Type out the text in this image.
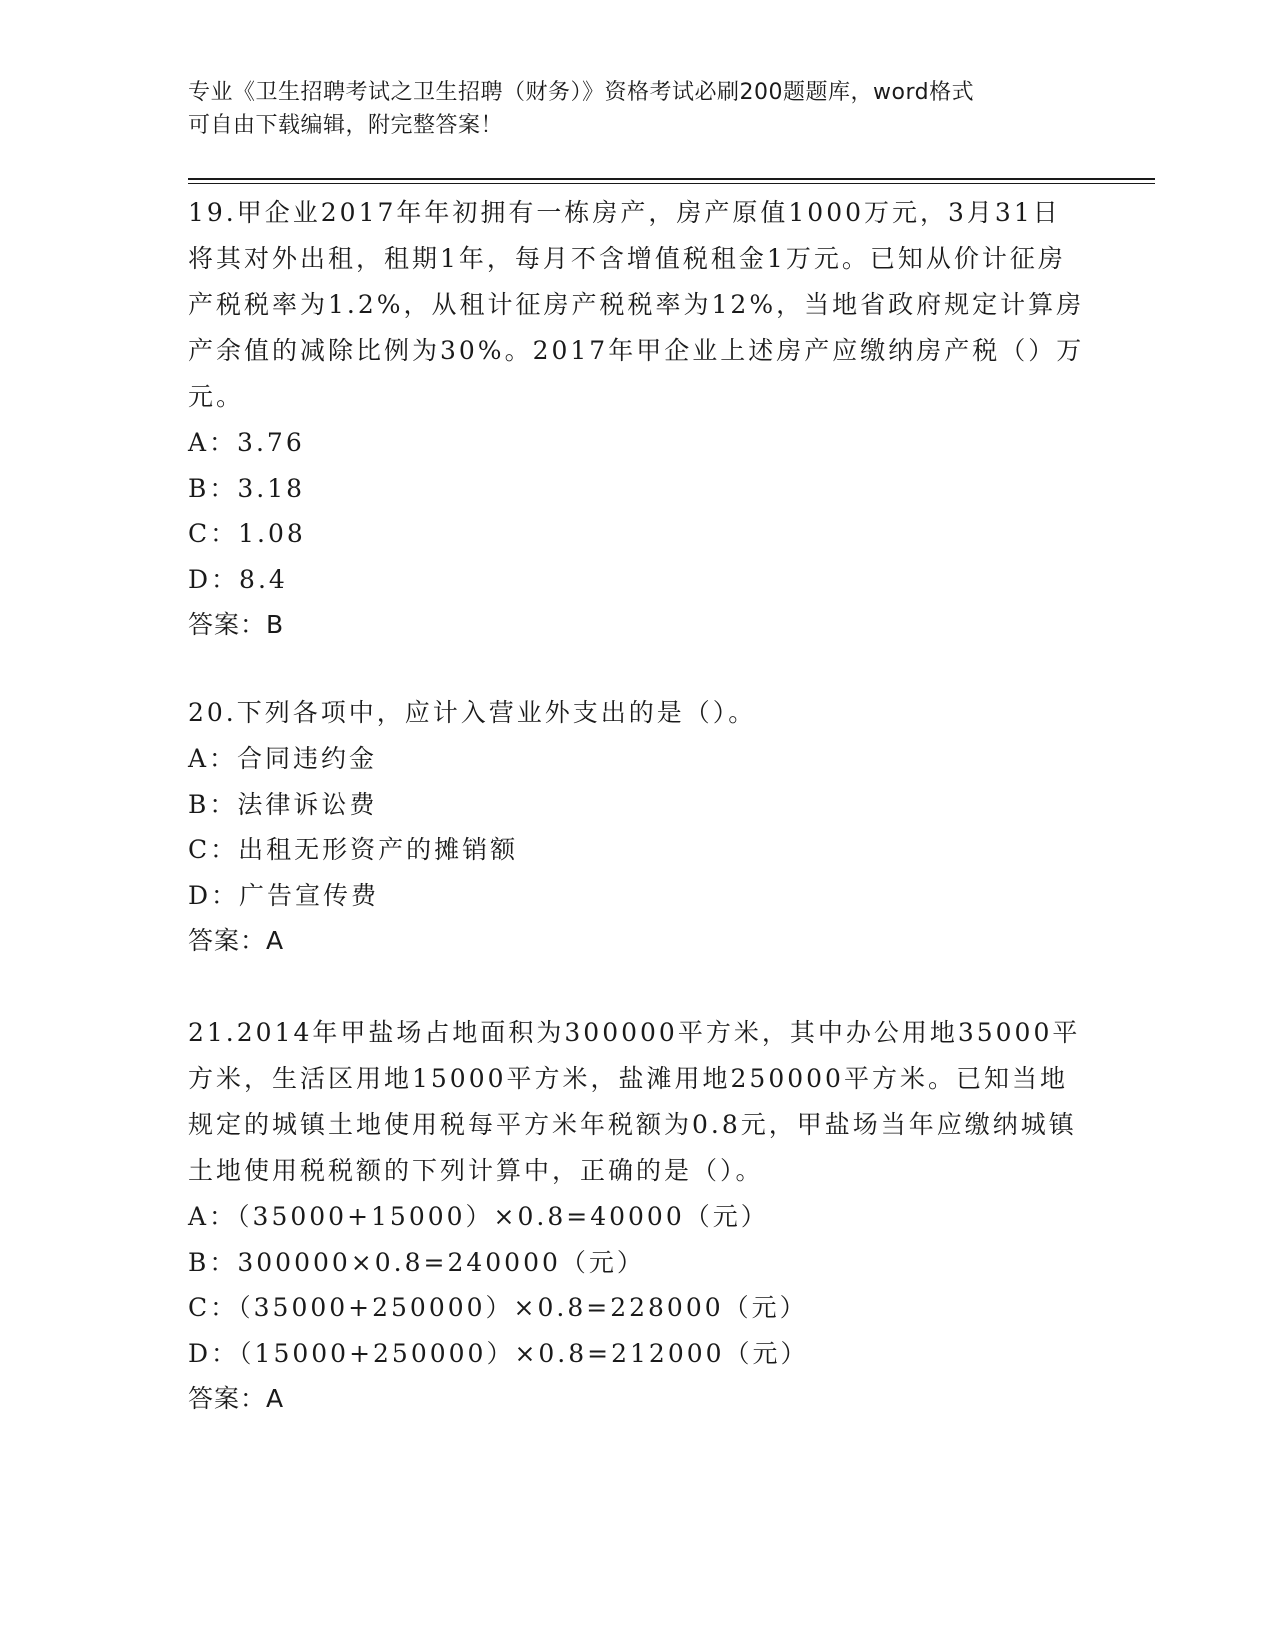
专业《卫生招聘考试之卫生招聘（财务）》资格考试必刷200题题库，word格式
可自由下载编辑，附完整答案！

19.甲企业2017年年初拥有一栋房产，房产原值1000万元，3月31日将其对外出租，租期1年，每月不含增值税租金1万元。已知从价计征房产税税率为1.2%，从租计征房产税税率为12%，当地省政府规定计算房产余值的减除比例为30%。2017年甲企业上述房产应缴纳房产税（）万元。

A：3.76

B：3.18

C：1.08

D：8.4

答案：B

20.下列各项中，应计入营业外支出的是（）。

A：合同违约金

B：法律诉讼费

C：出租无形资产的摊销额

D：广告宣传费

答案：A

21.2014年甲盐场占地面积为300000平方米，其中办公用地35000平方米，生活区用地15000平方米，盐滩用地250000平方米。已知当地规定的城镇土地使用税每平方米年税额为0.8元，甲盐场当年应缴纳城镇土地使用税税额的下列计算中，正确的是（）。

A：（35000+15000）×0.8=40000（元）

B：300000×0.8=240000（元）

C：（35000+250000）×0.8=228000（元）

D：（15000+250000）×0.8=212000（元）

答案：A
